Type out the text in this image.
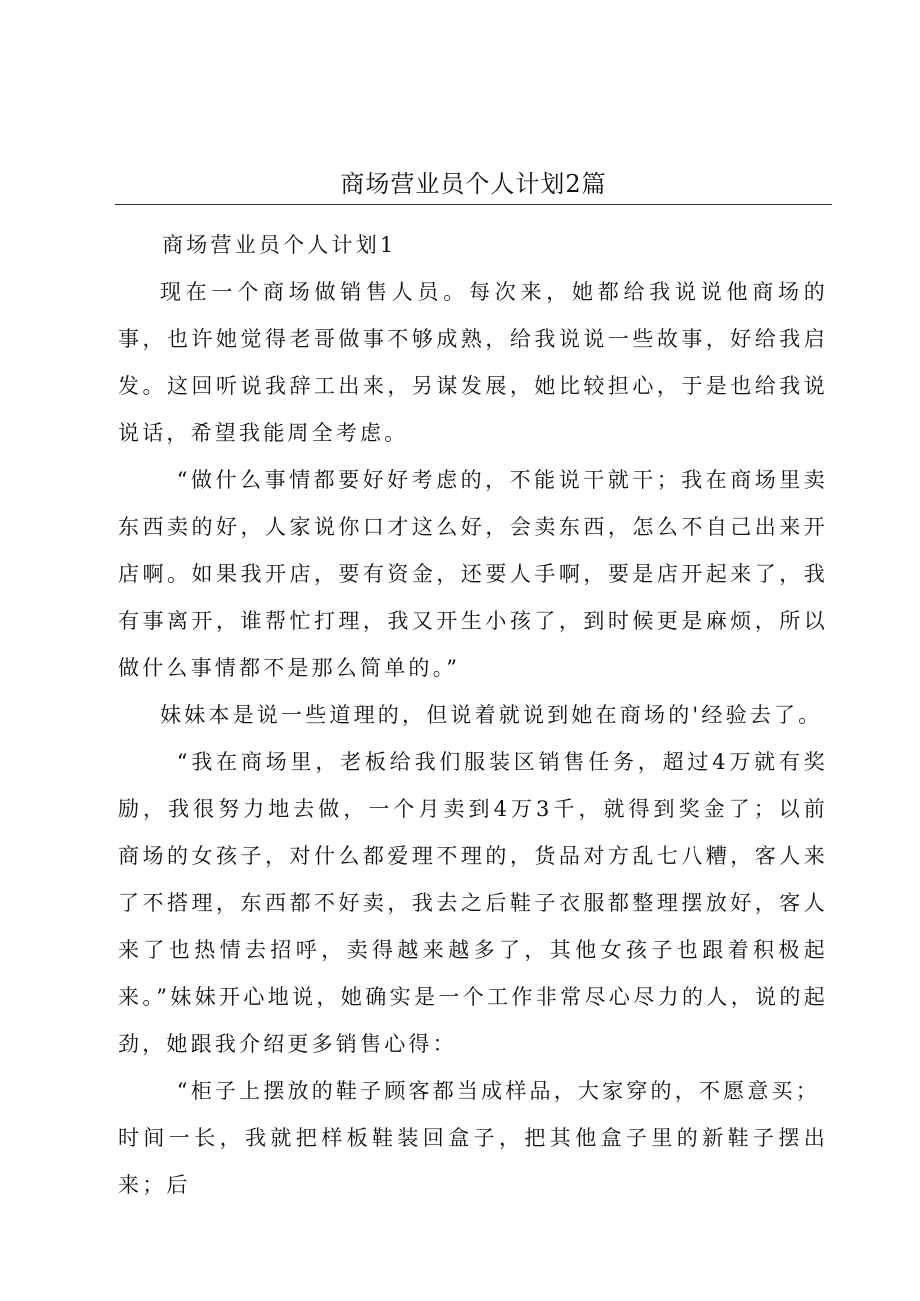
商场营业员个人计划2篇

商场营业员个人计划1

现在一个商场做销售人员。每次来，她都给我说说他商场的事，也许她觉得老哥做事不够成熟，给我说说一些故事，好给我启发。这回听说我辞工出来，另谋发展，她比较担心，于是也给我说说话，希望我能周全考虑。

“做什么事情都要好好考虑的，不能说干就干；我在商场里卖东西卖的好，人家说你口才这么好，会卖东西，怎么不自己出来开店啊。如果我开店，要有资金，还要人手啊，要是店开起来了，我有事离开，谁帮忙打理，我又开生小孩了，到时候更是麻烦，所以做什么事情都不是那么简单的。”

妹妹本是说一些道理的，但说着就说到她在商场的'经验去了。

“我在商场里，老板给我们服装区销售任务，超过4万就有奖励，我很努力地去做，一个月卖到4万3千，就得到奖金了；以前商场的女孩子，对什么都爱理不理的，货品对方乱七八糟，客人来了不搭理，东西都不好卖，我去之后鞋子衣服都整理摆放好，客人来了也热情去招呼，卖得越来越多了，其他女孩子也跟着积极起来。”妹妹开心地说，她确实是一个工作非常尽心尽力的人，说的起劲，她跟我介绍更多销售心得：

“柜子上摆放的鞋子顾客都当成样品，大家穿的，不愿意买；

时间一长，我就把样板鞋装回盒子，把其他盒子里的新鞋子摆出来；后
